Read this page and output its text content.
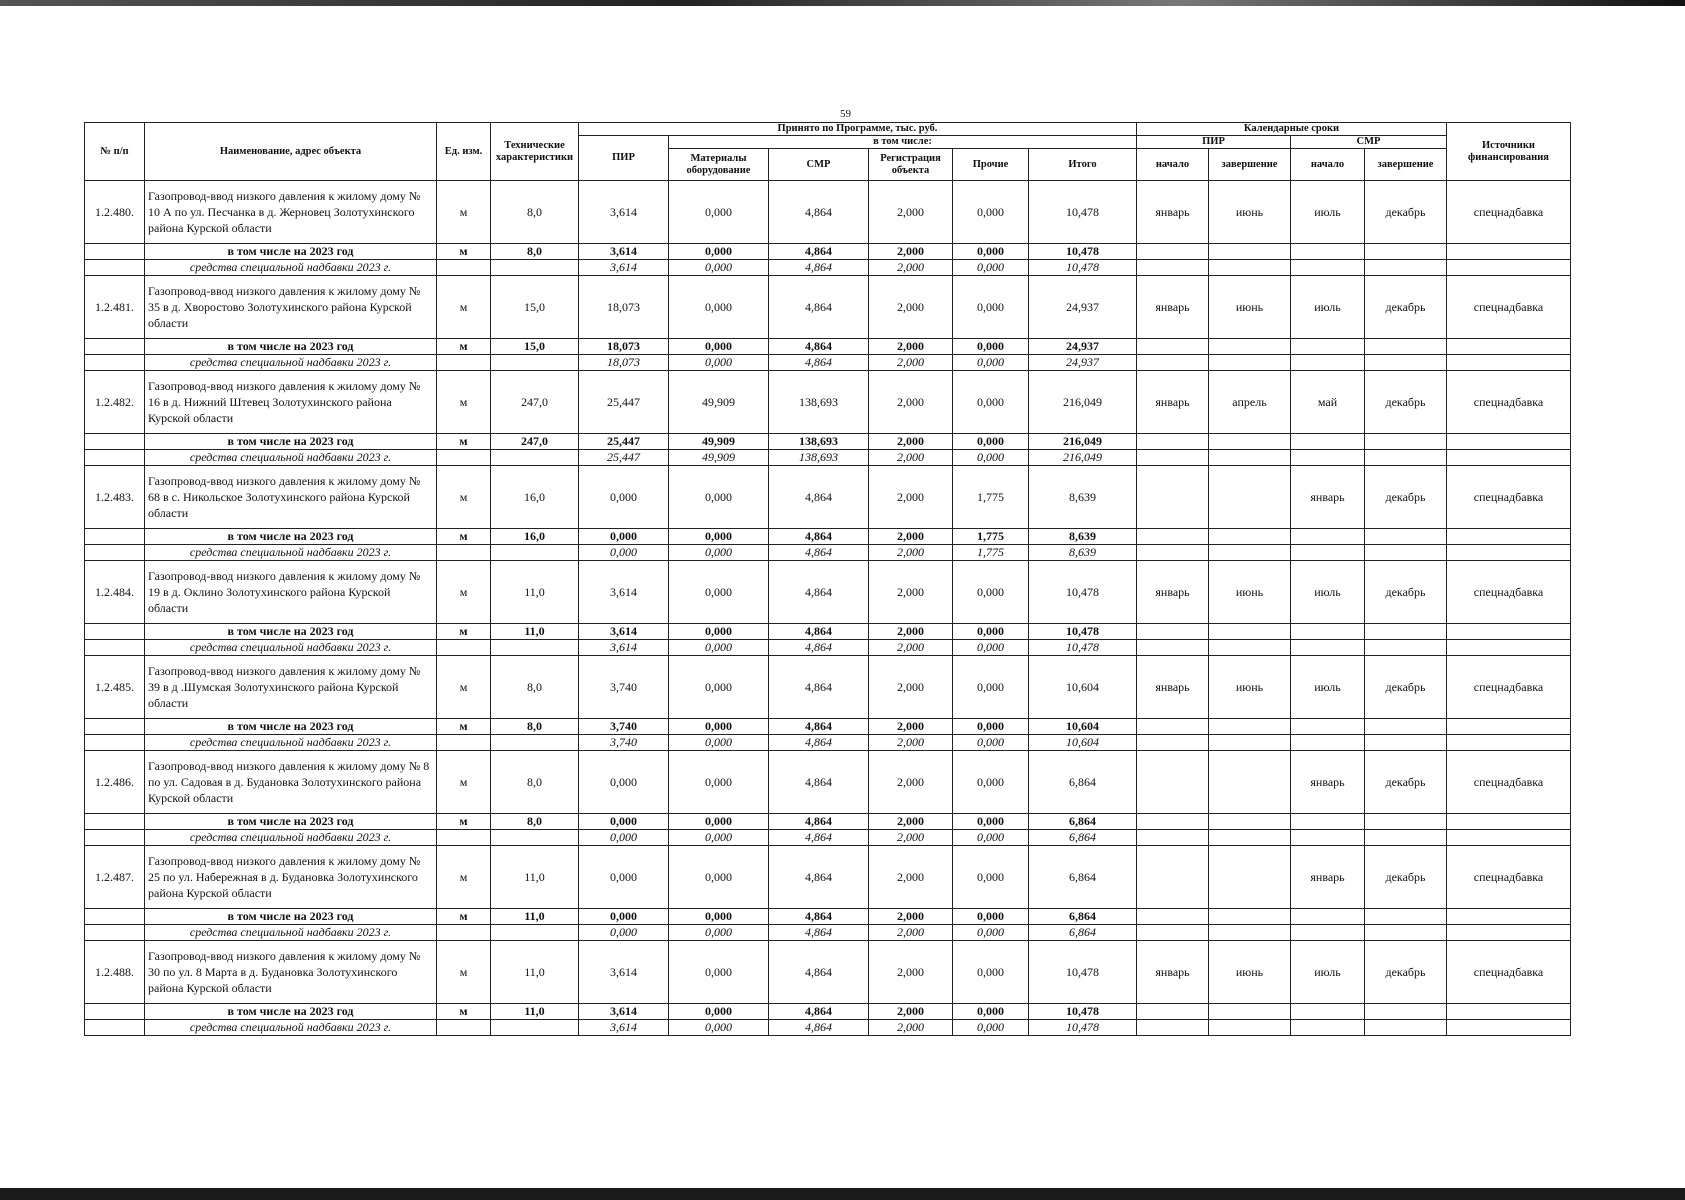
59
№ п/п	Наименование, адрес объекта	Ед. изм.	Технические характеристики	Принято по Программе, тыс. руб.						Календарные сроки				Источники финансирования
				ПИР	в том числе:					ПИР		СМР		
					Материалы оборудование	СМР	Регистрация объекта	Прочие	Итого	начало	завершение	начало	завершение	

1.2.480.	Газопровод-ввод низкого давления к жилому дому № 10 А по ул. Песчанка в д. Жерновец Золотухинского района Курской области	м	8,0	3,614	0,000	4,864	2,000	0,000	10,478	январь	июнь	июль	декабрь	спецнадбавка
	в том числе на 2023 год	м	8,0	3,614	0,000	4,864	2,000	0,000	10,478					
	средства специальной надбавки 2023 г.			3,614	0,000	4,864	2,000	0,000	10,478					
1.2.481.	Газопровод-ввод низкого давления к жилому дому № 35 в д. Хворостово Золотухинского района Курской области	м	15,0	18,073	0,000	4,864	2,000	0,000	24,937	январь	июнь	июль	декабрь	спецнадбавка
	в том числе на 2023 год	м	15,0	18,073	0,000	4,864	2,000	0,000	24,937					
	средства специальной надбавки 2023 г.			18,073	0,000	4,864	2,000	0,000	24,937					
1.2.482.	Газопровод-ввод низкого давления к жилому дому № 16 в д. Нижний Штевец Золотухинского района Курской области	м	247,0	25,447	49,909	138,693	2,000	0,000	216,049	январь	апрель	май	декабрь	спецнадбавка
	в том числе на 2023 год	м	247,0	25,447	49,909	138,693	2,000	0,000	216,049					
	средства специальной надбавки 2023 г.			25,447	49,909	138,693	2,000	0,000	216,049					
1.2.483.	Газопровод-ввод низкого давления к жилому дому № 68 в с. Никольское Золотухинского района Курской области	м	16,0	0,000	0,000	4,864	2,000	1,775	8,639			январь	декабрь	спецнадбавка
	в том числе на 2023 год	м	16,0	0,000	0,000	4,864	2,000	1,775	8,639					
	средства специальной надбавки 2023 г.			0,000	0,000	4,864	2,000	1,775	8,639					
1.2.484.	Газопровод-ввод низкого давления к жилому дому № 19 в д. Оклино Золотухинского района Курской области	м	11,0	3,614	0,000	4,864	2,000	0,000	10,478	январь	июнь	июль	декабрь	спецнадбавка
	в том числе на 2023 год	м	11,0	3,614	0,000	4,864	2,000	0,000	10,478					
	средства специальной надбавки 2023 г.			3,614	0,000	4,864	2,000	0,000	10,478					
1.2.485.	Газопровод-ввод низкого давления к жилому дому № 39 в д .Шумская Золотухинского района Курской области	м	8,0	3,740	0,000	4,864	2,000	0,000	10,604	январь	июнь	июль	декабрь	спецнадбавка
	в том числе на 2023 год	м	8,0	3,740	0,000	4,864	2,000	0,000	10,604					
	средства специальной надбавки 2023 г.			3,740	0,000	4,864	2,000	0,000	10,604					
1.2.486.	Газопровод-ввод низкого давления к жилому дому № 8 по ул. Садовая в д. Будановка Золотухинского района Курской области	м	8,0	0,000	0,000	4,864	2,000	0,000	6,864			январь	декабрь	спецнадбавка
	в том числе на 2023 год	м	8,0	0,000	0,000	4,864	2,000	0,000	6,864					
	средства специальной надбавки 2023 г.			0,000	0,000	4,864	2,000	0,000	6,864					
1.2.487.	Газопровод-ввод низкого давления к жилому дому № 25 по ул. Набережная в д. Будановка Золотухинского района Курской области	м	11,0	0,000	0,000	4,864	2,000	0,000	6,864			январь	декабрь	спецнадбавка
	в том числе на 2023 год	м	11,0	0,000	0,000	4,864	2,000	0,000	6,864					
	средства специальной надбавки 2023 г.			0,000	0,000	4,864	2,000	0,000	6,864					
1.2.488.	Газопровод-ввод низкого давления к жилому дому № 30 по ул. 8 Марта в д. Будановка Золотухинского района Курской области	м	11,0	3,614	0,000	4,864	2,000	0,000	10,478	январь	июнь	июль	декабрь	спецнадбавка
	в том числе на 2023 год	м	11,0	3,614	0,000	4,864	2,000	0,000	10,478					
	средства специальной надбавки 2023 г.			3,614	0,000	4,864	2,000	0,000	10,478					
